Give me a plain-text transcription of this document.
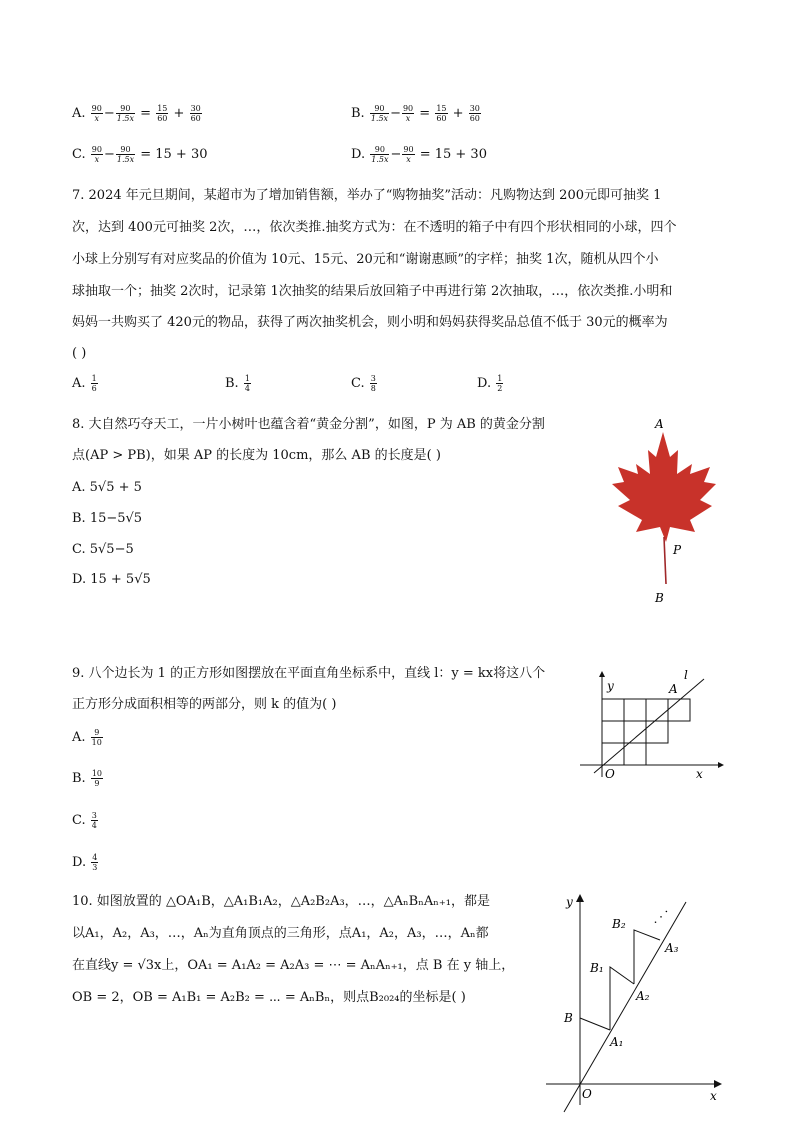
A. $\frac{90}{x} - \frac{90}{1.5x} = \frac{15}{60} + \frac{30}{60}$	B. $\frac{90}{1.5x} - \frac{90}{x} = \frac{15}{60} + \frac{30}{60}$
C. $\frac{90}{x} - \frac{90}{1.5x} = 15 + 30$	D. $\frac{90}{1.5x} - \frac{90}{x} = 15 + 30$
7. 2024 年元旦期间，某超市为了增加销售额，举办了“购物抽奖”活动：凡购物达到 200元即可抽奖 1
次，达到 400元可抽奖 2次，…，依次类推.抽奖方式为：在不透明的箱子中有四个形状相同的小球，四个
小球上分别写有对应奖品的价值为 10元、15元、20元和“谢谢惠顾”的字样；抽奖 1次，随机从四个小
球抽取一个；抽奖 2次时，记录第 1次抽奖的结果后放回箱子中再进行第 2次抽取，…，依次类推.小明和
妈妈一共购买了 420元的物品，获得了两次抽奖机会，则小明和妈妈获得奖品总值不低于 30元的概率为
( )
A. $\frac{1}{6}$	B. $\frac{1}{4}$	C. $\frac{3}{8}$	D. $\frac{1}{2}$
8. 大自然巧夺天工，一片小树叶也蕴含着“黄金分割”，如图，P 为 AB 的黄金分割
点(AP > PB)，如果 AP 的长度为 10cm，那么 AB 的长度是( )
A. 5√5 + 5
B. 15−5√5
C. 5√5−5
D. 15 + 5√5
A
P
B
9. 八个边长为 1 的正方形如图摆放在平面直角坐标系中，直线 l：y = kx将这八个
正方形分成面积相等的两部分，则 k 的值为( )
A. $\frac{9}{10}$
B. $\frac{10}{9}$
C. $\frac{3}{4}$
D. $\frac{4}{3}$
y
x
O
A
l
10. 如图放置的 △OA₁B，△A₁B₁A₂，△A₂B₂A₃，…，△AₙBₙAₙ₊₁，都是
以A₁，A₂，A₃，…，Aₙ为直角顶点的三角形，点A₁，A₂，A₃，…，Aₙ都
在直线y = √3x上，OA₁ = A₁A₂ = A₂A₃ = ⋯ = AₙAₙ₊₁，点 B 在 y 轴上，
OB = 2，OB = A₁B₁ = A₂B₂ = ⋯ = AₙBₙ，则点B₂₀₂₄的坐标是( )
y
x
O
B
B₁
B₂
A₁
A₂
A₃
· · ·
